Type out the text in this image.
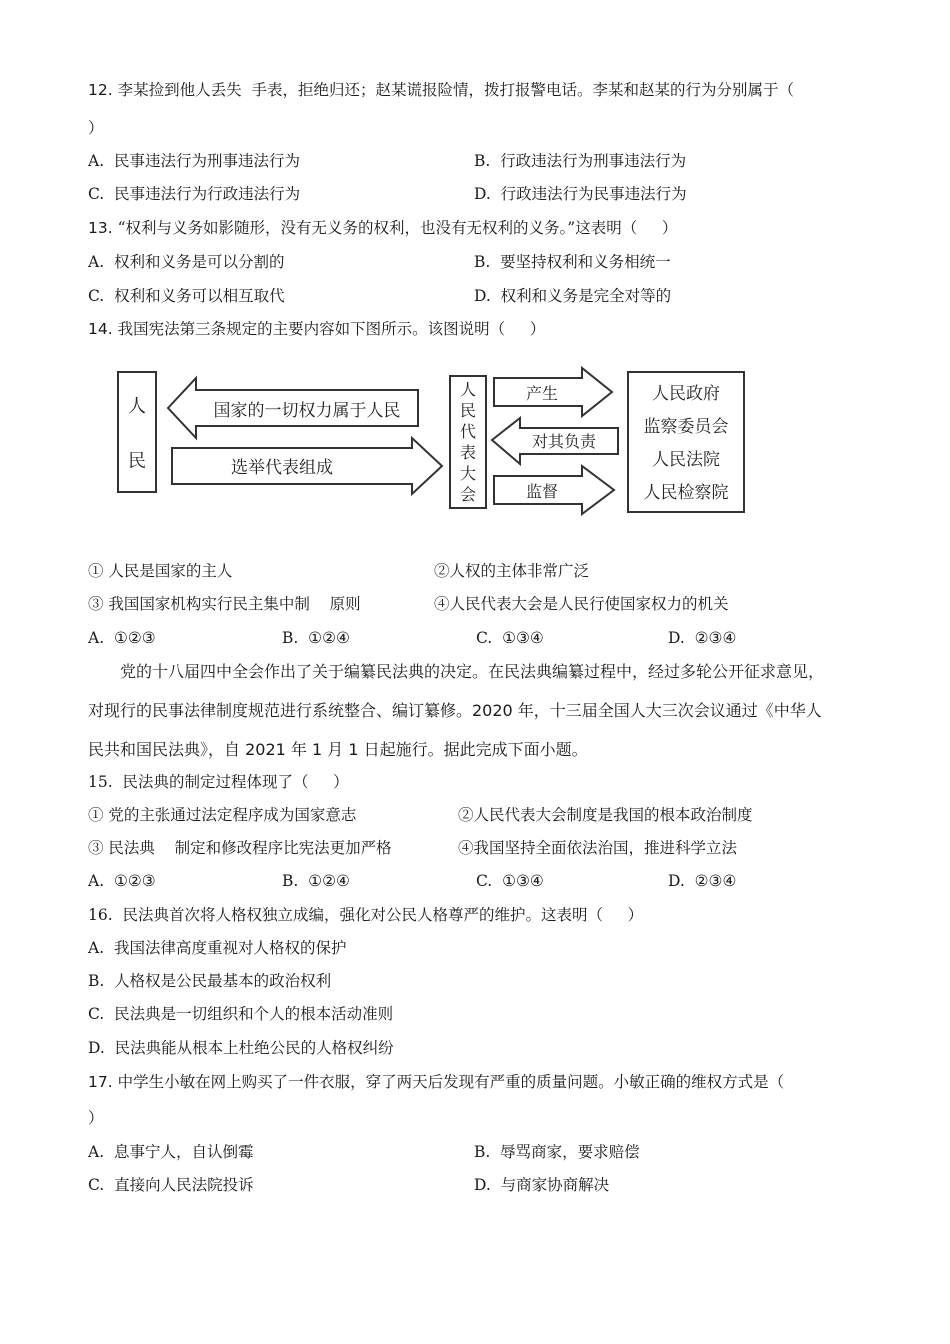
12. 李某捡到他人丢失  手表，拒绝归还；赵某谎报险情，拨打报警电话。李某和赵某的行为分别属于（
）
A.  民事违法行为刑事违法行为	B.  行政违法行为刑事违法行为
C.  民事违法行为行政违法行为	D.  行政违法行为民事违法行为
13. “权利与义务如影随形，没有无义务的权利，也没有无权利的义务。”这表明（     ）
A.  权利和义务是可以分割的	B.  要坚持权利和义务相统一
C.  权利和义务可以相互取代	D.  权利和义务是完全对等的
14. 我国宪法第三条规定的主要内容如下图所示。该图说明（     ）
人
民
国家的一切权力属于人民
选举代表组成
人
民
代
表
大
会
产生
对其负责
监督
人民政府
监察委员会
人民法院
人民检察院
① 人民是国家的主人	②人权的主体非常广泛
③ 我国国家机构实行民主集中制    原则	④人民代表大会是人民行使国家权力的机关
A.  ①②③	B.  ①②④	C.  ①③④	D.  ②③④
党的十八届四中全会作出了关于编纂民法典的决定。在民法典编纂过程中，经过多轮公开征求意见，
对现行的民事法律制度规范进行系统整合、编订纂修。2020 年，十三届全国人大三次会议通过《中华人
民共和国民法典》，自 2021 年 1 月 1 日起施行。据此完成下面小题。
15.  民法典的制定过程体现了（     ）
① 党的主张通过法定程序成为国家意志	②人民代表大会制度是我国的根本政治制度
③ 民法典    制定和修改程序比宪法更加严格	④我国坚持全面依法治国，推进科学立法
A.  ①②③	B.  ①②④	C.  ①③④	D.  ②③④
16.  民法典首次将人格权独立成编，强化对公民人格尊严的维护。这表明（     ）
A.  我国法律高度重视对人格权的保护
B.  人格权是公民最基本的政治权利
C.  民法典是一切组织和个人的根本活动准则
D.  民法典能从根本上杜绝公民的人格权纠纷
17. 中学生小敏在网上购买了一件衣服，穿了两天后发现有严重的质量问题。小敏正确的维权方式是（
）
A.  息事宁人，自认倒霉	B.  辱骂商家，要求赔偿
C.  直接向人民法院投诉	D.  与商家协商解决
